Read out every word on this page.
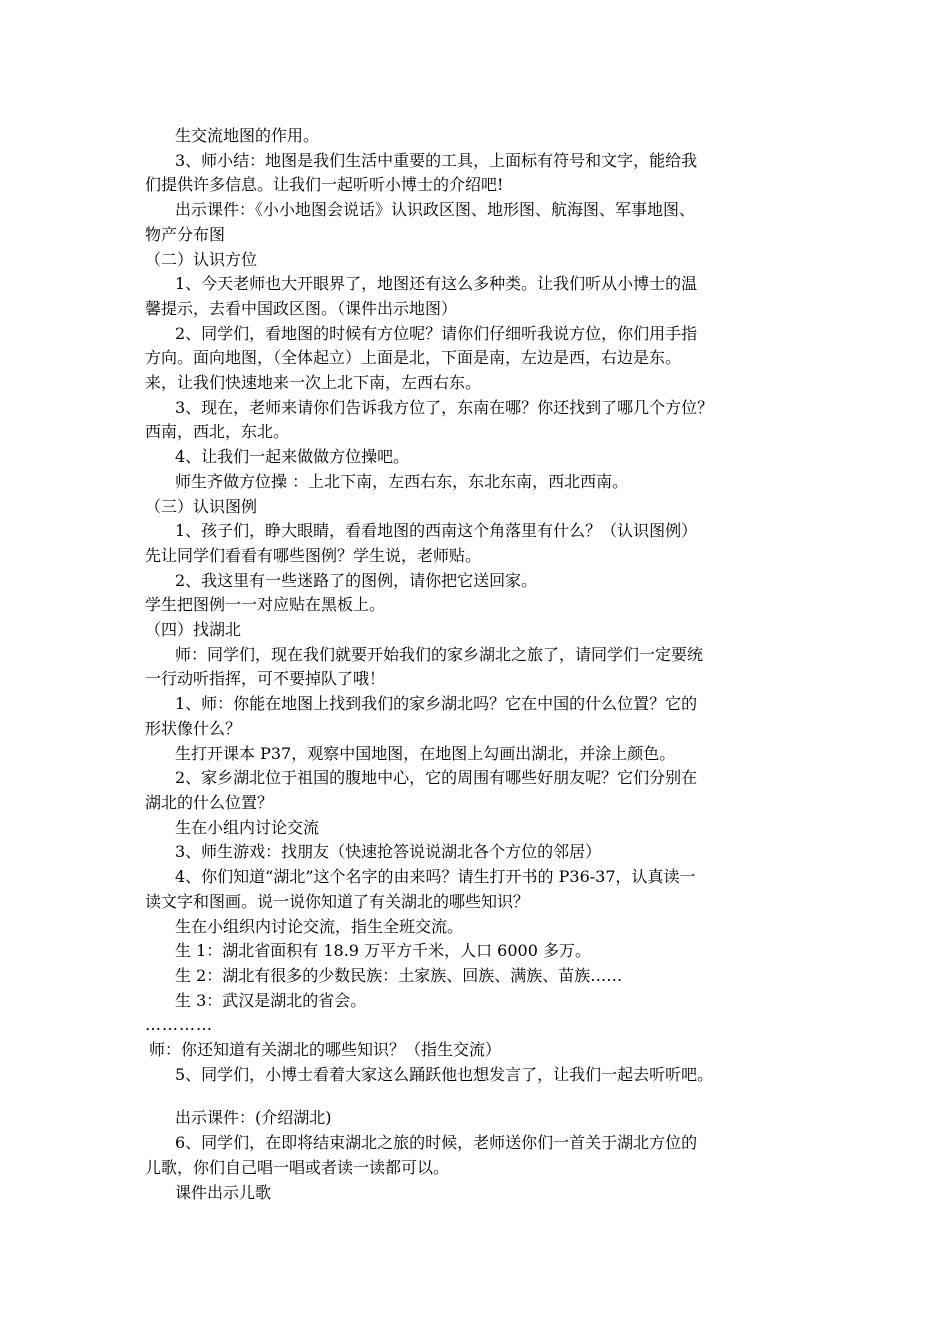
生交流地图的作用。
3、师小结：地图是我们生活中重要的工具，上面标有符号和文字，能给我
们提供许多信息。让我们一起听听小博士的介绍吧!
出示课件：《小小地图会说话》认识政区图、地形图、航海图、军事地图、
物产分布图
（二）认识方位
1、今天老师也大开眼界了，地图还有这么多种类。让我们听从小博士的温
馨提示，去看中国政区图。（课件出示地图）
2、同学们，看地图的时候有方位呢？请你们仔细听我说方位，你们用手指
方向。面向地图，（全体起立）上面是北，下面是南，左边是西，右边是东。
来，让我们快速地来一次上北下南，左西右东。
3、现在，老师来请你们告诉我方位了，东南在哪？你还找到了哪几个方位？
西南，西北，东北。
4、让我们一起来做做方位操吧。
师生齐做方位操 ：上北下南，左西右东，东北东南，西北西南。
（三）认识图例
1、孩子们，睁大眼睛，看看地图的西南这个角落里有什么？（认识图例）
先让同学们看看有哪些图例？学生说，老师贴。
2、我这里有一些迷路了的图例，请你把它送回家。
学生把图例一一对应贴在黑板上。
（四）找湖北
师：同学们，现在我们就要开始我们的家乡湖北之旅了，请同学们一定要统
一行动听指挥，可不要掉队了哦！
1、师：你能在地图上找到我们的家乡湖北吗？它在中国的什么位置？它的
形状像什么？
生打开课本 P37，观察中国地图，在地图上勾画出湖北，并涂上颜色。
2、家乡湖北位于祖国的腹地中心，它的周围有哪些好朋友呢？它们分别在
湖北的什么位置？
生在小组内讨论交流
3、师生游戏：找朋友（快速抢答说说湖北各个方位的邻居）
4、你们知道“湖北”这个名字的由来吗？请生打开书的 P36-37，认真读一
读文字和图画。说一说你知道了有关湖北的哪些知识？
生在小组织内讨论交流，指生全班交流。
生 1：湖北省面积有 18.9 万平方千米，人口 6000 多万。
生 2：湖北有很多的少数民族：土家族、回族、满族、苗族……
生 3：武汉是湖北的省会。
…………
师：你还知道有关湖北的哪些知识？（指生交流）
5、同学们，小博士看着大家这么踊跃他也想发言了，让我们一起去听听吧。
出示课件：(介绍湖北)
6、同学们，在即将结束湖北之旅的时候，老师送你们一首关于湖北方位的
儿歌，你们自己唱一唱或者读一读都可以。
课件出示儿歌
